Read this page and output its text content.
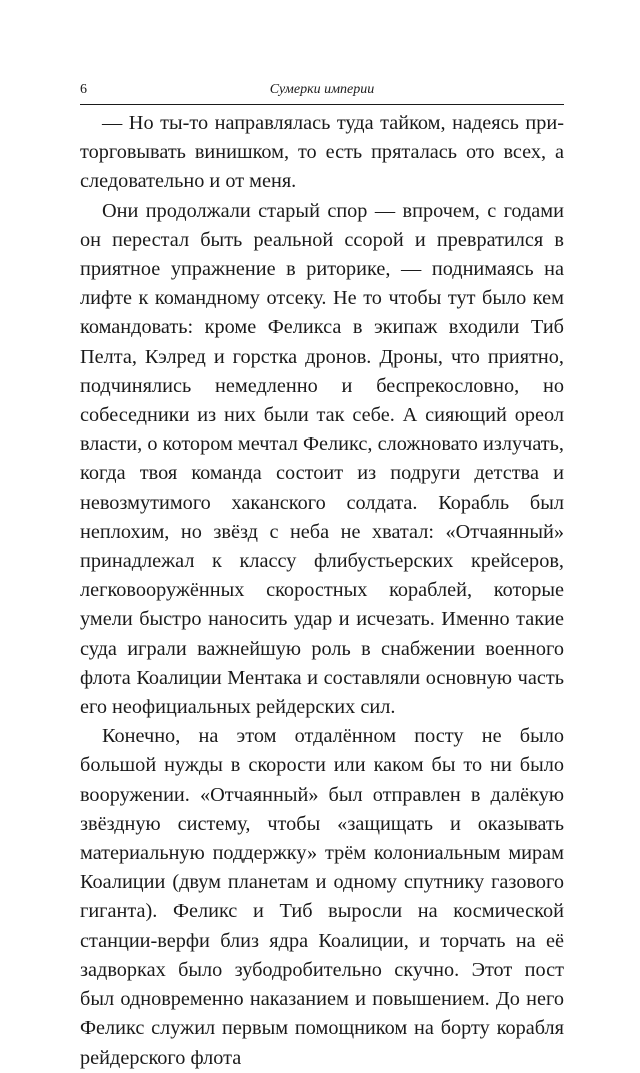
6	Сумерки империи

— Но ты-то направлялась туда тайком, надеясь приторговывать винишком, то есть пряталась ото всех, а следовательно и от меня.

Они продолжали старый спор — впрочем, с годами он перестал быть реальной ссорой и превратился в приятное упражнение в риторике, — поднимаясь на лифте к командному отсеку. Не то чтобы тут было кем командовать: кроме Феликса в экипаж входили Тиб Пелта, Кэлред и горстка дронов. Дроны, что приятно, подчинялись немедленно и беспрекословно, но собеседники из них были так себе. А сияющий ореол власти, о котором мечтал Феликс, сложновато излучать, когда твоя команда состоит из подруги детства и невозмутимого хаканского солдата. Корабль был неплохим, но звёзд с неба не хватал: «Отчаянный» принадлежал к классу флибустьерских крейсеров, легковооружённых скоростных кораблей, которые умели быстро наносить удар и исчезать. Именно такие суда играли важнейшую роль в снабжении военного флота Коалиции Ментака и составляли основную часть его неофициальных рейдерских сил.

Конечно, на этом отдалённом посту не было большой нужды в скорости или каком бы то ни было вооружении. «Отчаянный» был отправлен в далёкую звёздную систему, чтобы «защищать и оказывать материальную поддержку» трём колониальным мирам Коалиции (двум планетам и одному спутнику газового гиганта). Феликс и Тиб выросли на космической станции-верфи близ ядра Коалиции, и торчать на её задворках было зубодробительно скучно. Этот пост был одновременно наказанием и повышением. До него Феликс служил первым помощником на борту корабля рейдерского флота
